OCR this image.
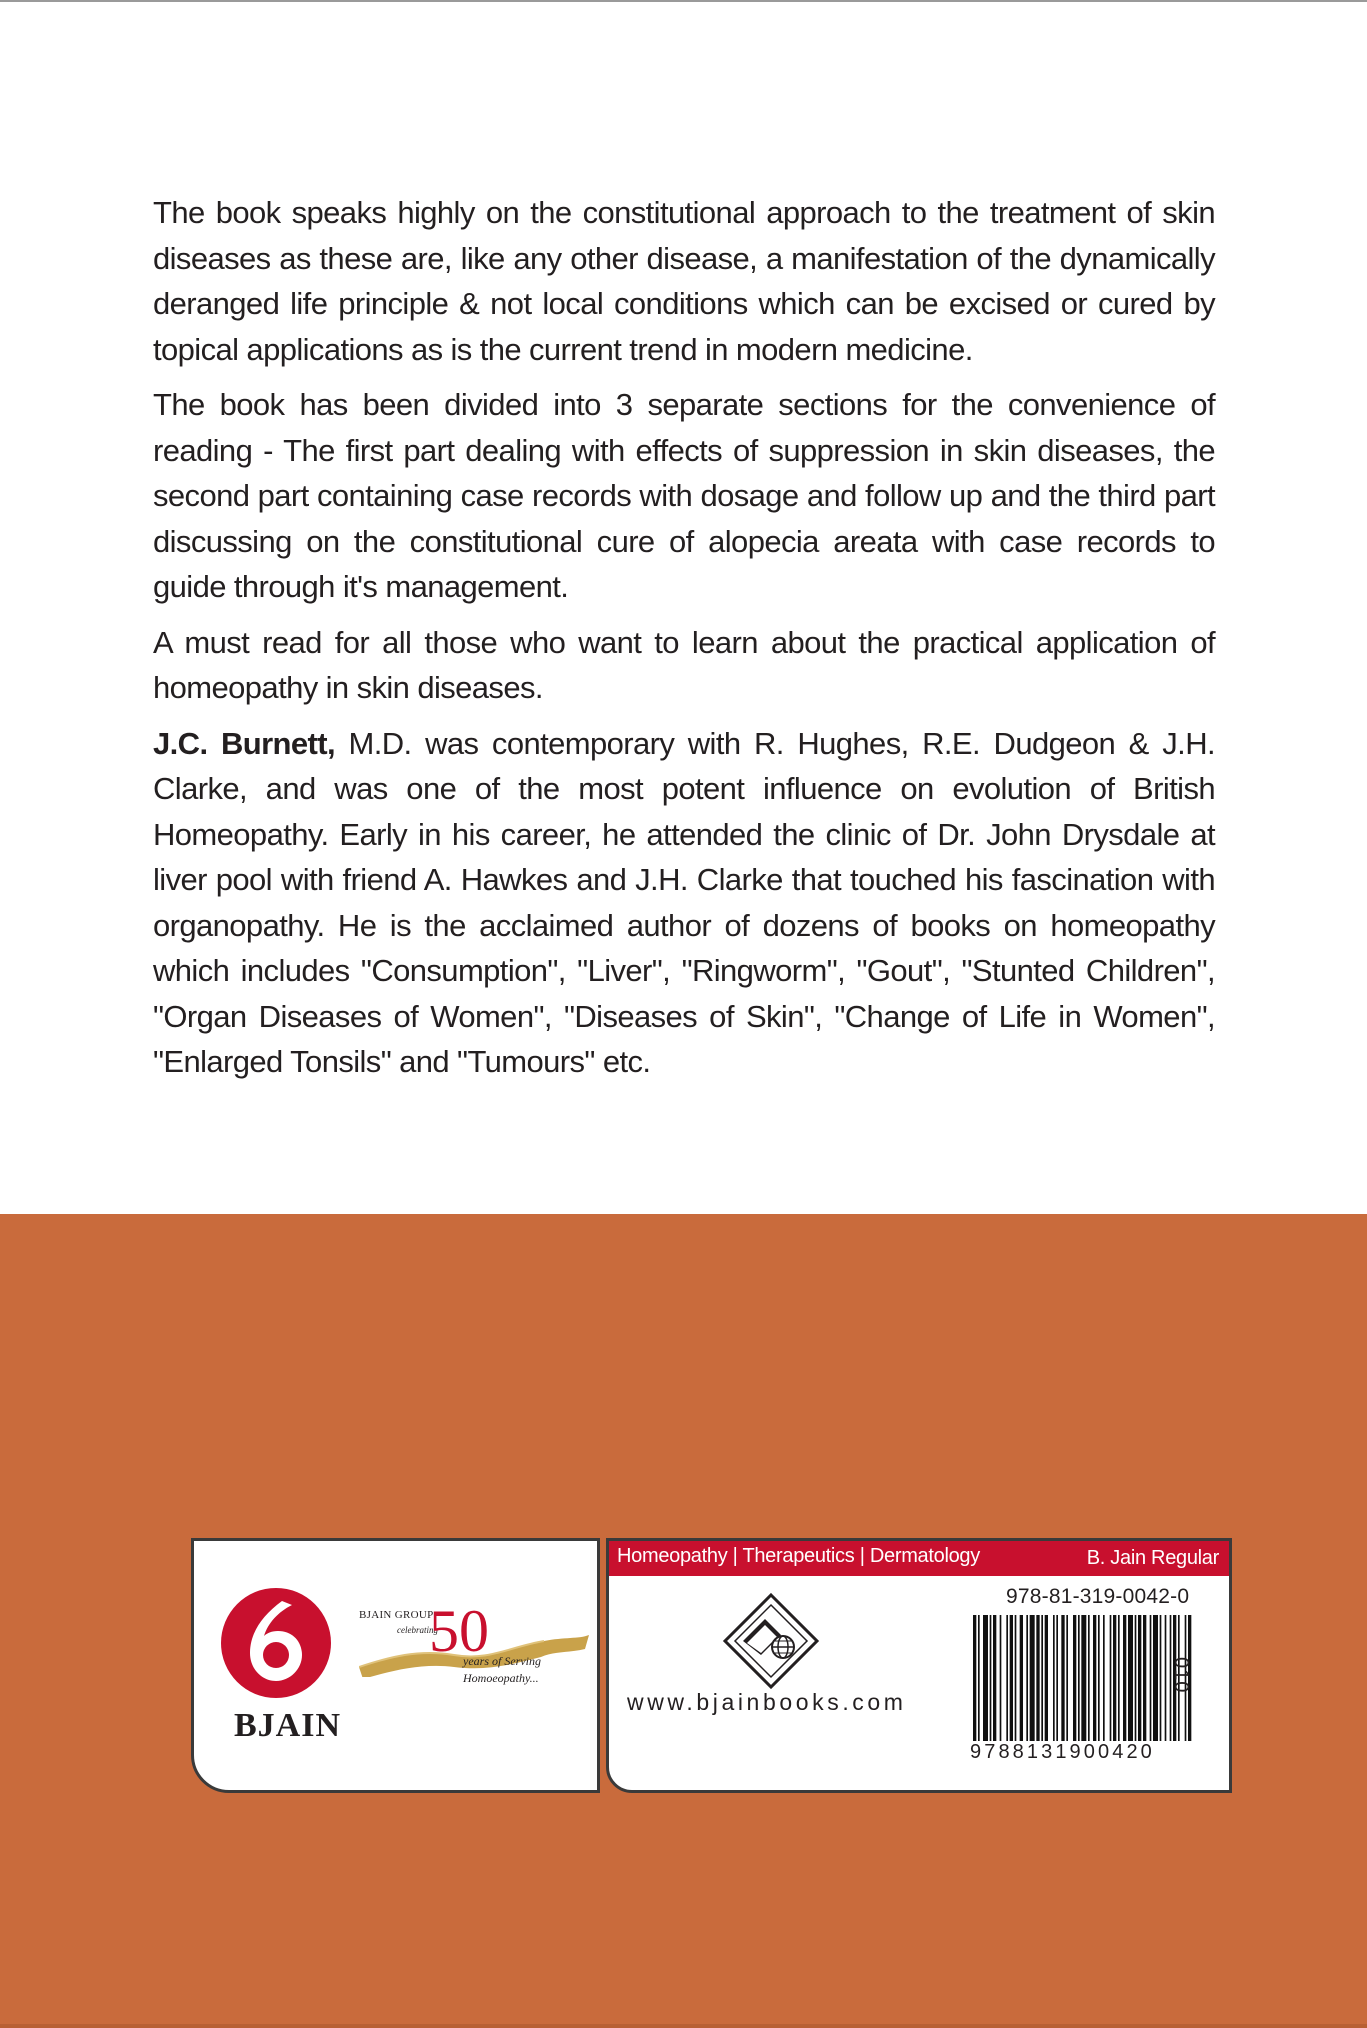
The book speaks highly on the constitutional approach to the treatment of skin diseases as these are, like any other disease, a manifestation of the dynamically deranged life principle & not local conditions which can be excised or cured by topical applications as is the current trend in modern medicine.

The book has been divided into 3 separate sections for the convenience of reading - The first part dealing with effects of suppression in skin diseases, the second part containing case records with dosage and follow up and the third part discussing on the constitutional cure of alopecia areata with case records to guide through it's management.

A must read for all those who want to learn about the practical application of homeopathy in skin diseases.

J.C. Burnett, M.D. was contemporary with R. Hughes, R.E. Dudgeon & J.H. Clarke, and was one of the most potent influence on evolution of British Homeopathy. Early in his career, he attended the clinic of Dr. John Drysdale at liver pool with friend A. Hawkes and J.H. Clarke that touched his fascination with organopathy. He is the acclaimed author of dozens of books on homeopathy which includes "Consumption", "Liver", "Ringworm", "Gout", "Stunted Children", "Organ Diseases of Women", "Diseases of Skin", "Change of Life in Women", "Enlarged Tonsils" and "Tumours" etc.

BJAIN
BJAIN GROUP
celebrating
50
years of Serving
Homoeopathy...
Homeopathy | Therapeutics | Dermatology	B. Jain Regular
www.bjainbooks.com
978-81-319-0042-0
9788131900420
010
